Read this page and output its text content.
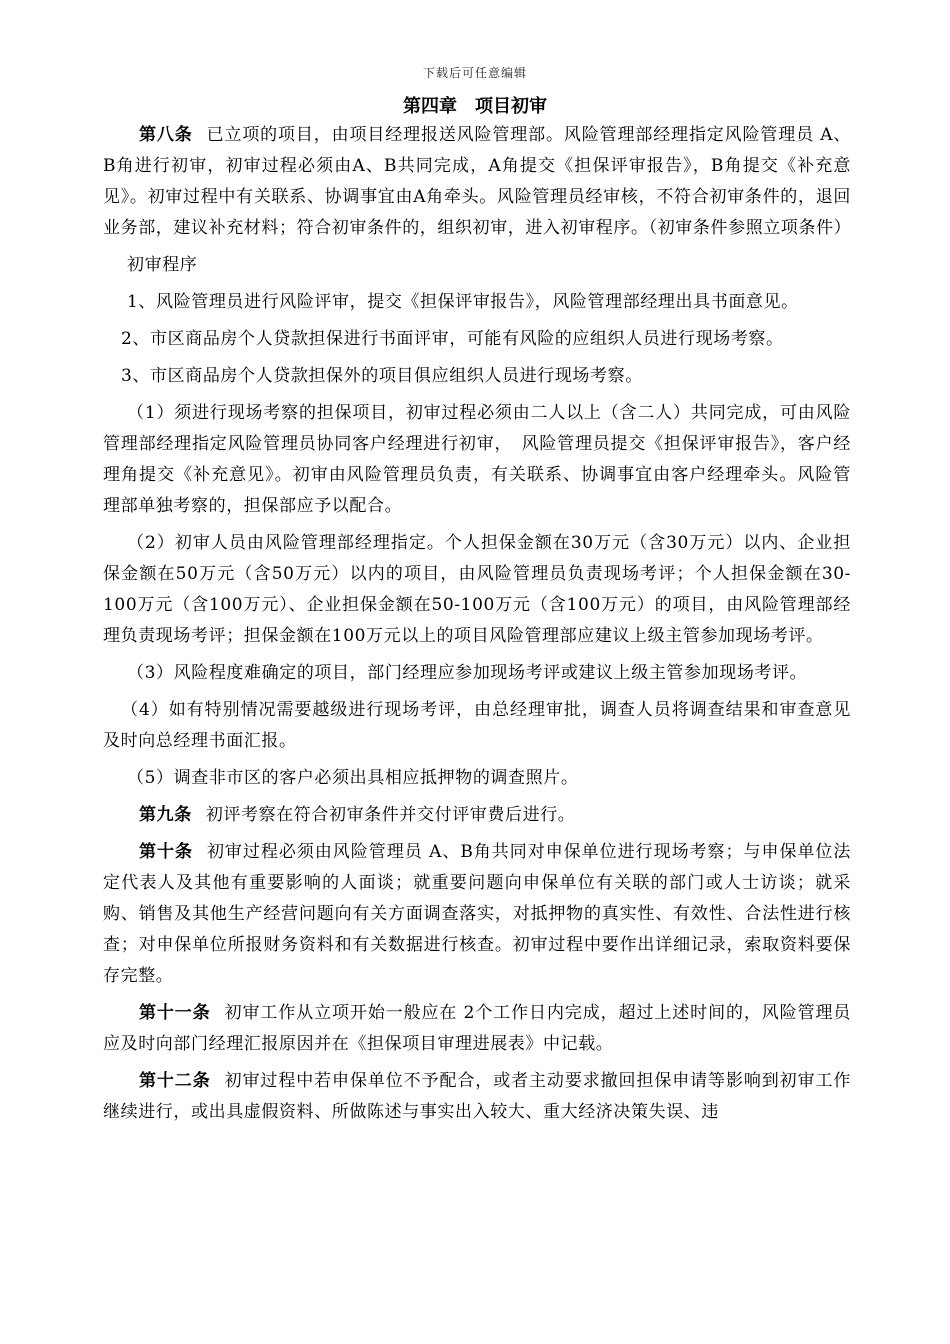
下载后可任意编辑
第四章　项目初审

第八条 已立项的项目，由项目经理报送风险管理部。风险管理部经理指定风险管理员 A、B角进行初审，初审过程必须由A、B共同完成，A角提交《担保评审报告》，B角提交《补充意见》。初审过程中有关联系、协调事宜由A角牵头。风险管理员经审核，不符合初审条件的，退回业务部，建议补充材料；符合初审条件的，组织初审，进入初审程序。（初审条件参照立项条件）

初审程序

1、风险管理员进行风险评审，提交《担保评审报告》，风险管理部经理出具书面意见。

2、市区商品房个人贷款担保进行书面评审，可能有风险的应组织人员进行现场考察。

3、市区商品房个人贷款担保外的项目俱应组织人员进行现场考察。

（1）须进行现场考察的担保项目，初审过程必须由二人以上（含二人）共同完成，可由风险管理部经理指定风险管理员协同客户经理进行初审，　风险管理员提交《担保评审报告》，客户经理角提交《补充意见》。初审由风险管理员负责，有关联系、协调事宜由客户经理牵头。风险管理部单独考察的，担保部应予以配合。

（2）初审人员由风险管理部经理指定。个人担保金额在30万元（含30万元）以内、企业担保金额在50万元（含50万元）以内的项目，由风险管理员负责现场考评；个人担保金额在30-100万元（含100万元）、企业担保金额在50-100万元（含100万元）的项目，由风险管理部经理负责现场考评；担保金额在100万元以上的项目风险管理部应建议上级主管参加现场考评。

（3）风险程度难确定的项目，部门经理应参加现场考评或建议上级主管参加现场考评。

（4）如有特别情况需要越级进行现场考评，由总经理审批，调查人员将调查结果和审查意见及时向总经理书面汇报。

（5）调查非市区的客户必须出具相应抵押物的调查照片。

第九条 初评考察在符合初审条件并交付评审费后进行。

第十条 初审过程必须由风险管理员 A、B角共同对申保单位进行现场考察；与申保单位法定代表人及其他有重要影响的人面谈；就重要问题向申保单位有关联的部门或人士访谈；就采购、销售及其他生产经营问题向有关方面调查落实，对抵押物的真实性、有效性、合法性进行核查；对申保单位所报财务资料和有关数据进行核查。初审过程中要作出详细记录，索取资料要保存完整。

第十一条 初审工作从立项开始一般应在 2个工作日内完成，超过上述时间的，风险管理员应及时向部门经理汇报原因并在《担保项目审理进展表》中记载。

第十二条 初审过程中若申保单位不予配合，或者主动要求撤回担保申请等影响到初审工作继续进行，或出具虚假资料、所做陈述与事实出入较大、重大经济决策失误、违
